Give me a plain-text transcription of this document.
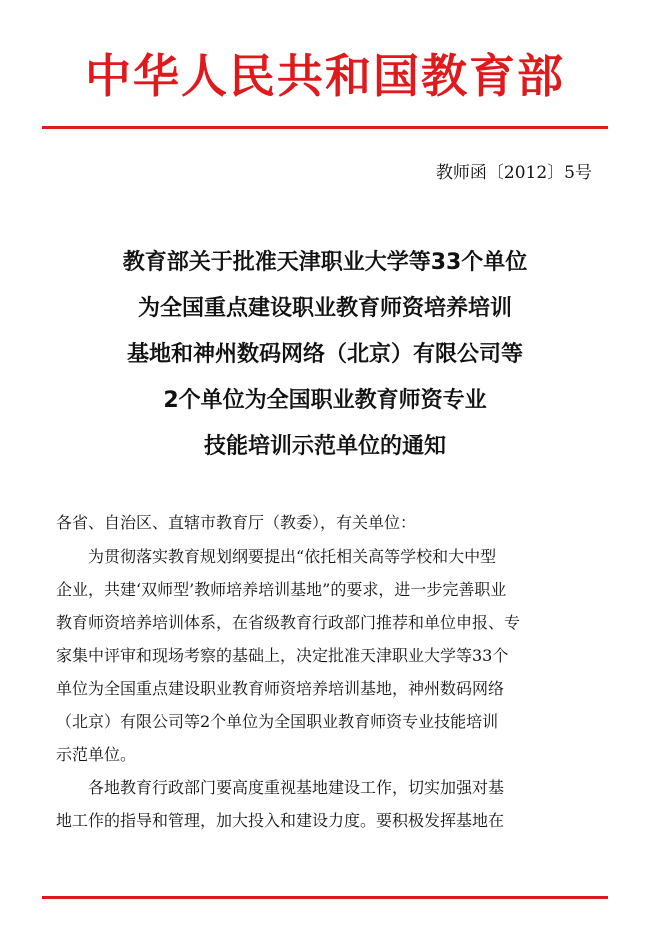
中华人民共和国教育部
教师函〔2012〕5号
教育部关于批准天津职业大学等33个单位
为全国重点建设职业教育师资培养培训
基地和神州数码网络（北京）有限公司等
2个单位为全国职业教育师资专业
技能培训示范单位的通知
各省、自治区、直辖市教育厅（教委），有关单位：

为贯彻落实教育规划纲要提出“依托相关高等学校和大中型

企业，共建‘双师型’教师培养培训基地”的要求，进一步完善职业

教育师资培养培训体系，在省级教育行政部门推荐和单位申报、专

家集中评审和现场考察的基础上，决定批准天津职业大学等33个

单位为全国重点建设职业教育师资培养培训基地，神州数码网络

（北京）有限公司等2个单位为全国职业教育师资专业技能培训

示范单位。

各地教育行政部门要高度重视基地建设工作，切实加强对基

地工作的指导和管理，加大投入和建设力度。要积极发挥基地在
